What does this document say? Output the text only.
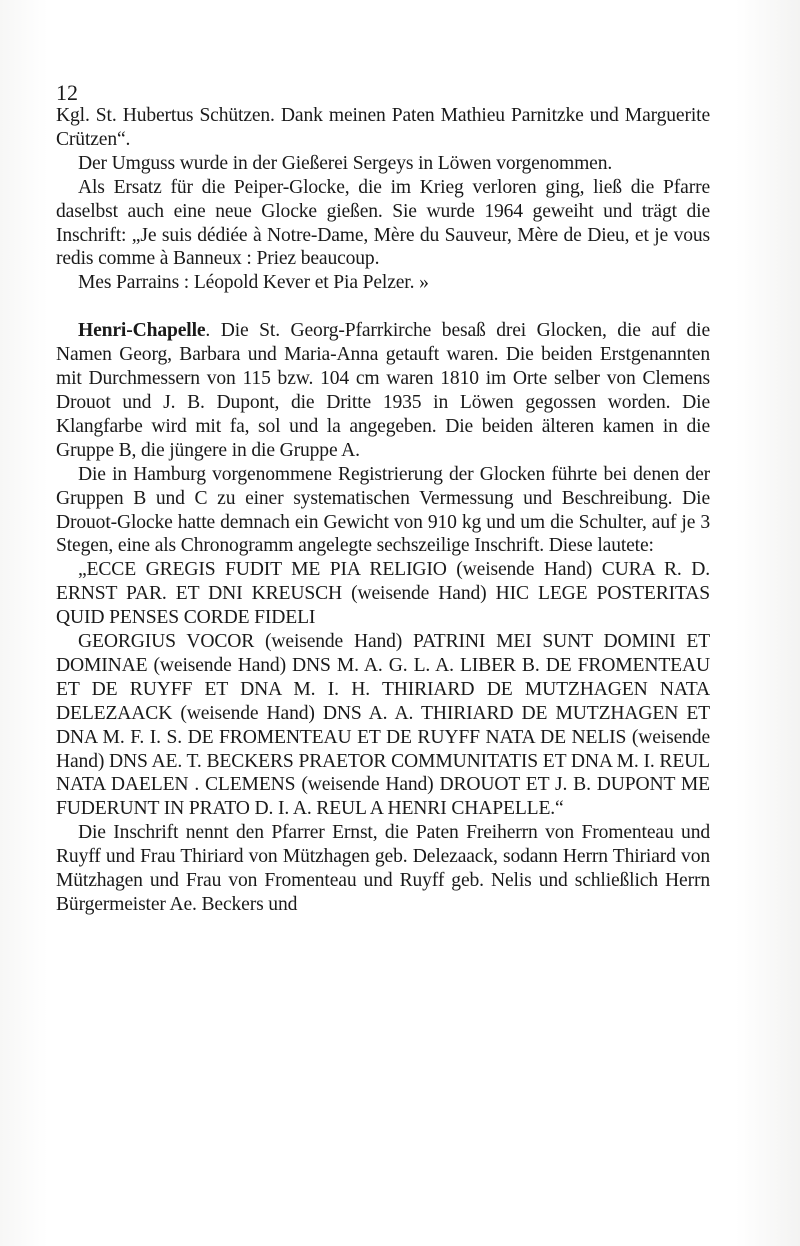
12

Kgl. St. Hubertus Schützen. Dank meinen Paten Mathieu Parnitzke und Marguerite Crützen“.

Der Umguss wurde in der Gießerei Sergeys in Löwen vorgenommen.

Als Ersatz für die Peiper-Glocke, die im Krieg verloren ging, ließ die Pfarre daselbst auch eine neue Glocke gießen. Sie wurde 1964 geweiht und trägt die Inschrift: „Je suis dédiée à Notre-Dame, Mère du Sauveur, Mère de Dieu, et je vous redis comme à Banneux : Priez beaucoup.

Mes Parrains : Léopold Kever et Pia Pelzer. »

Henri-Chapelle. Die St. Georg-Pfarrkirche besaß drei Glocken, die auf die Namen Georg, Barbara und Maria-Anna getauft waren. Die beiden Erstgenannten mit Durchmessern von 115 bzw. 104 cm waren 1810 im Orte selber von Clemens Drouot und J. B. Dupont, die Dritte 1935 in Löwen gegossen worden. Die Klangfarbe wird mit fa, sol und la angegeben. Die beiden älteren kamen in die Gruppe B, die jüngere in die Gruppe A.

Die in Hamburg vorgenommene Registrierung der Glocken führte bei denen der Gruppen B und C zu einer systematischen Vermessung und Beschreibung. Die Drouot-Glocke hatte demnach ein Gewicht von 910 kg und um die Schulter, auf je 3 Stegen, eine als Chronogramm angelegte sechszeilige Inschrift. Diese lautete:

„ECCE GREGIS FUDIT ME PIA RELIGIO (weisende Hand) CURA R. D. ERNST PAR. ET DNI KREUSCH (weisende Hand) HIC LEGE POSTERITAS QUID PENSES CORDE FIDELI

GEORGIUS VOCOR (weisende Hand) PATRINI MEI SUNT DOMINI ET DOMINAE (weisende Hand) DNS M. A. G. L. A. LIBER B. DE FROMENTEAU ET DE RUYFF ET DNA M. I. H. THIRIARD DE MUTZHAGEN NATA DELEZAACK (weisende Hand) DNS A. A. THIRIARD DE MUTZHAGEN ET DNA M. F. I. S. DE FROMENTEAU ET DE RUYFF NATA DE NELIS (weisende Hand) DNS AE. T. BECKERS PRAETOR COMMUNITATIS ET DNA M. I. REUL NATA DAELEN . CLEMENS (weisende Hand) DROUOT ET J. B. DUPONT ME FUDERUNT IN PRATO D. I. A. REUL A HENRI CHAPELLE.“

Die Inschrift nennt den Pfarrer Ernst, die Paten Freiherrn von Fromenteau und Ruyff und Frau Thiriard von Mützhagen geb. Delezaack, sodann Herrn Thiriard von Mützhagen und Frau von Fromenteau und Ruyff geb. Nelis und schließlich Herrn Bürgermeister Ae. Beckers und
